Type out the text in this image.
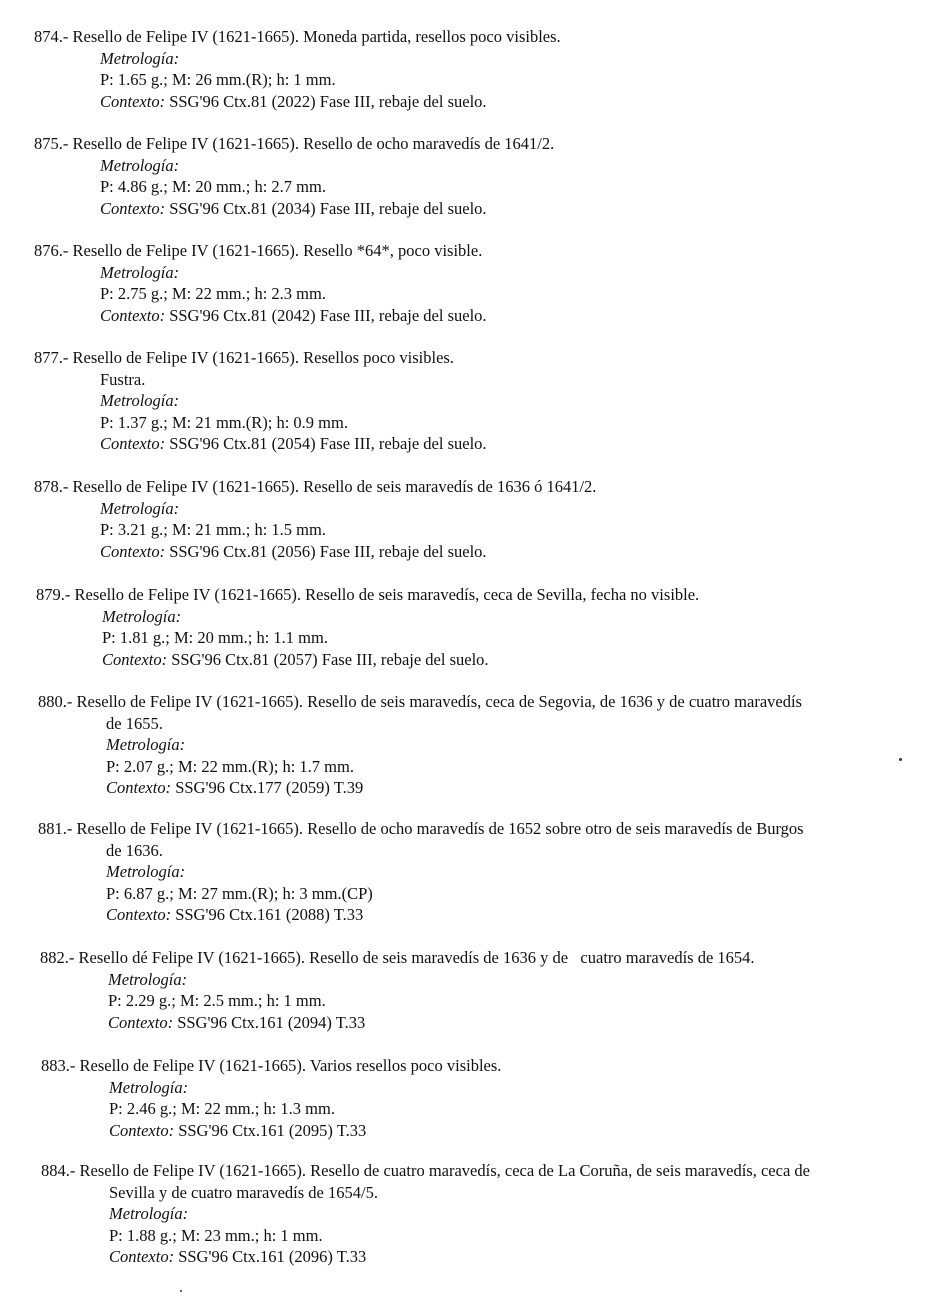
874.- Resello de Felipe IV (1621-1665). Moneda partida, resellos poco visibles.
Metrología:
P: 1.65 g.; M: 26 mm.(R); h: 1 mm.
Contexto: SSG'96 Ctx.81 (2022) Fase III, rebaje del suelo.
875.- Resello de Felipe IV (1621-1665). Resello de ocho maravedís de 1641/2.
Metrología:
P: 4.86 g.; M: 20 mm.; h: 2.7 mm.
Contexto: SSG'96 Ctx.81 (2034) Fase III, rebaje del suelo.
876.- Resello de Felipe IV (1621-1665). Resello *64*, poco visible.
Metrología:
P: 2.75 g.; M: 22 mm.; h: 2.3 mm.
Contexto: SSG'96 Ctx.81 (2042) Fase III, rebaje del suelo.
877.- Resello de Felipe IV (1621-1665). Resellos poco visibles.
Fustra.
Metrología:
P: 1.37 g.; M: 21 mm.(R); h: 0.9 mm.
Contexto: SSG'96 Ctx.81 (2054) Fase III, rebaje del suelo.
878.- Resello de Felipe IV (1621-1665). Resello de seis maravedís de 1636 ó 1641/2.
Metrología:
P: 3.21 g.; M: 21 mm.; h: 1.5 mm.
Contexto: SSG'96 Ctx.81 (2056) Fase III, rebaje del suelo.
879.- Resello de Felipe IV (1621-1665). Resello de seis maravedís, ceca de Sevilla, fecha no visible.
Metrología:
P: 1.81 g.; M: 20 mm.; h: 1.1 mm.
Contexto: SSG'96 Ctx.81 (2057) Fase III, rebaje del suelo.
880.- Resello de Felipe IV (1621-1665). Resello de seis maravedís, ceca de Segovia, de 1636 y de cuatro maravedís
de 1655.
Metrología:
P: 2.07 g.; M: 22 mm.(R); h: 1.7 mm.
Contexto: SSG'96 Ctx.177 (2059) T.39
881.- Resello de Felipe IV (1621-1665). Resello de ocho maravedís de 1652 sobre otro de seis maravedís de Burgos
de 1636.
Metrología:
P: 6.87 g.; M: 27 mm.(R); h: 3 mm.(CP)
Contexto: SSG'96 Ctx.161 (2088) T.33
882.- Resello dé Felipe IV (1621-1665). Resello de seis maravedís de 1636 y de   cuatro maravedís de 1654.
Metrología:
P: 2.29 g.; M: 2.5 mm.; h: 1 mm.
Contexto: SSG'96 Ctx.161 (2094) T.33
883.- Resello de Felipe IV (1621-1665). Varios resellos poco visibles.
Metrología:
P: 2.46 g.; M: 22 mm.; h: 1.3 mm.
Contexto: SSG'96 Ctx.161 (2095) T.33
884.- Resello de Felipe IV (1621-1665). Resello de cuatro maravedís, ceca de La Coruña, de seis maravedís, ceca de
Sevilla y de cuatro maravedís de 1654/5.
Metrología:
P: 1.88 g.; M: 23 mm.; h: 1 mm.
Contexto: SSG'96 Ctx.161 (2096) T.33
